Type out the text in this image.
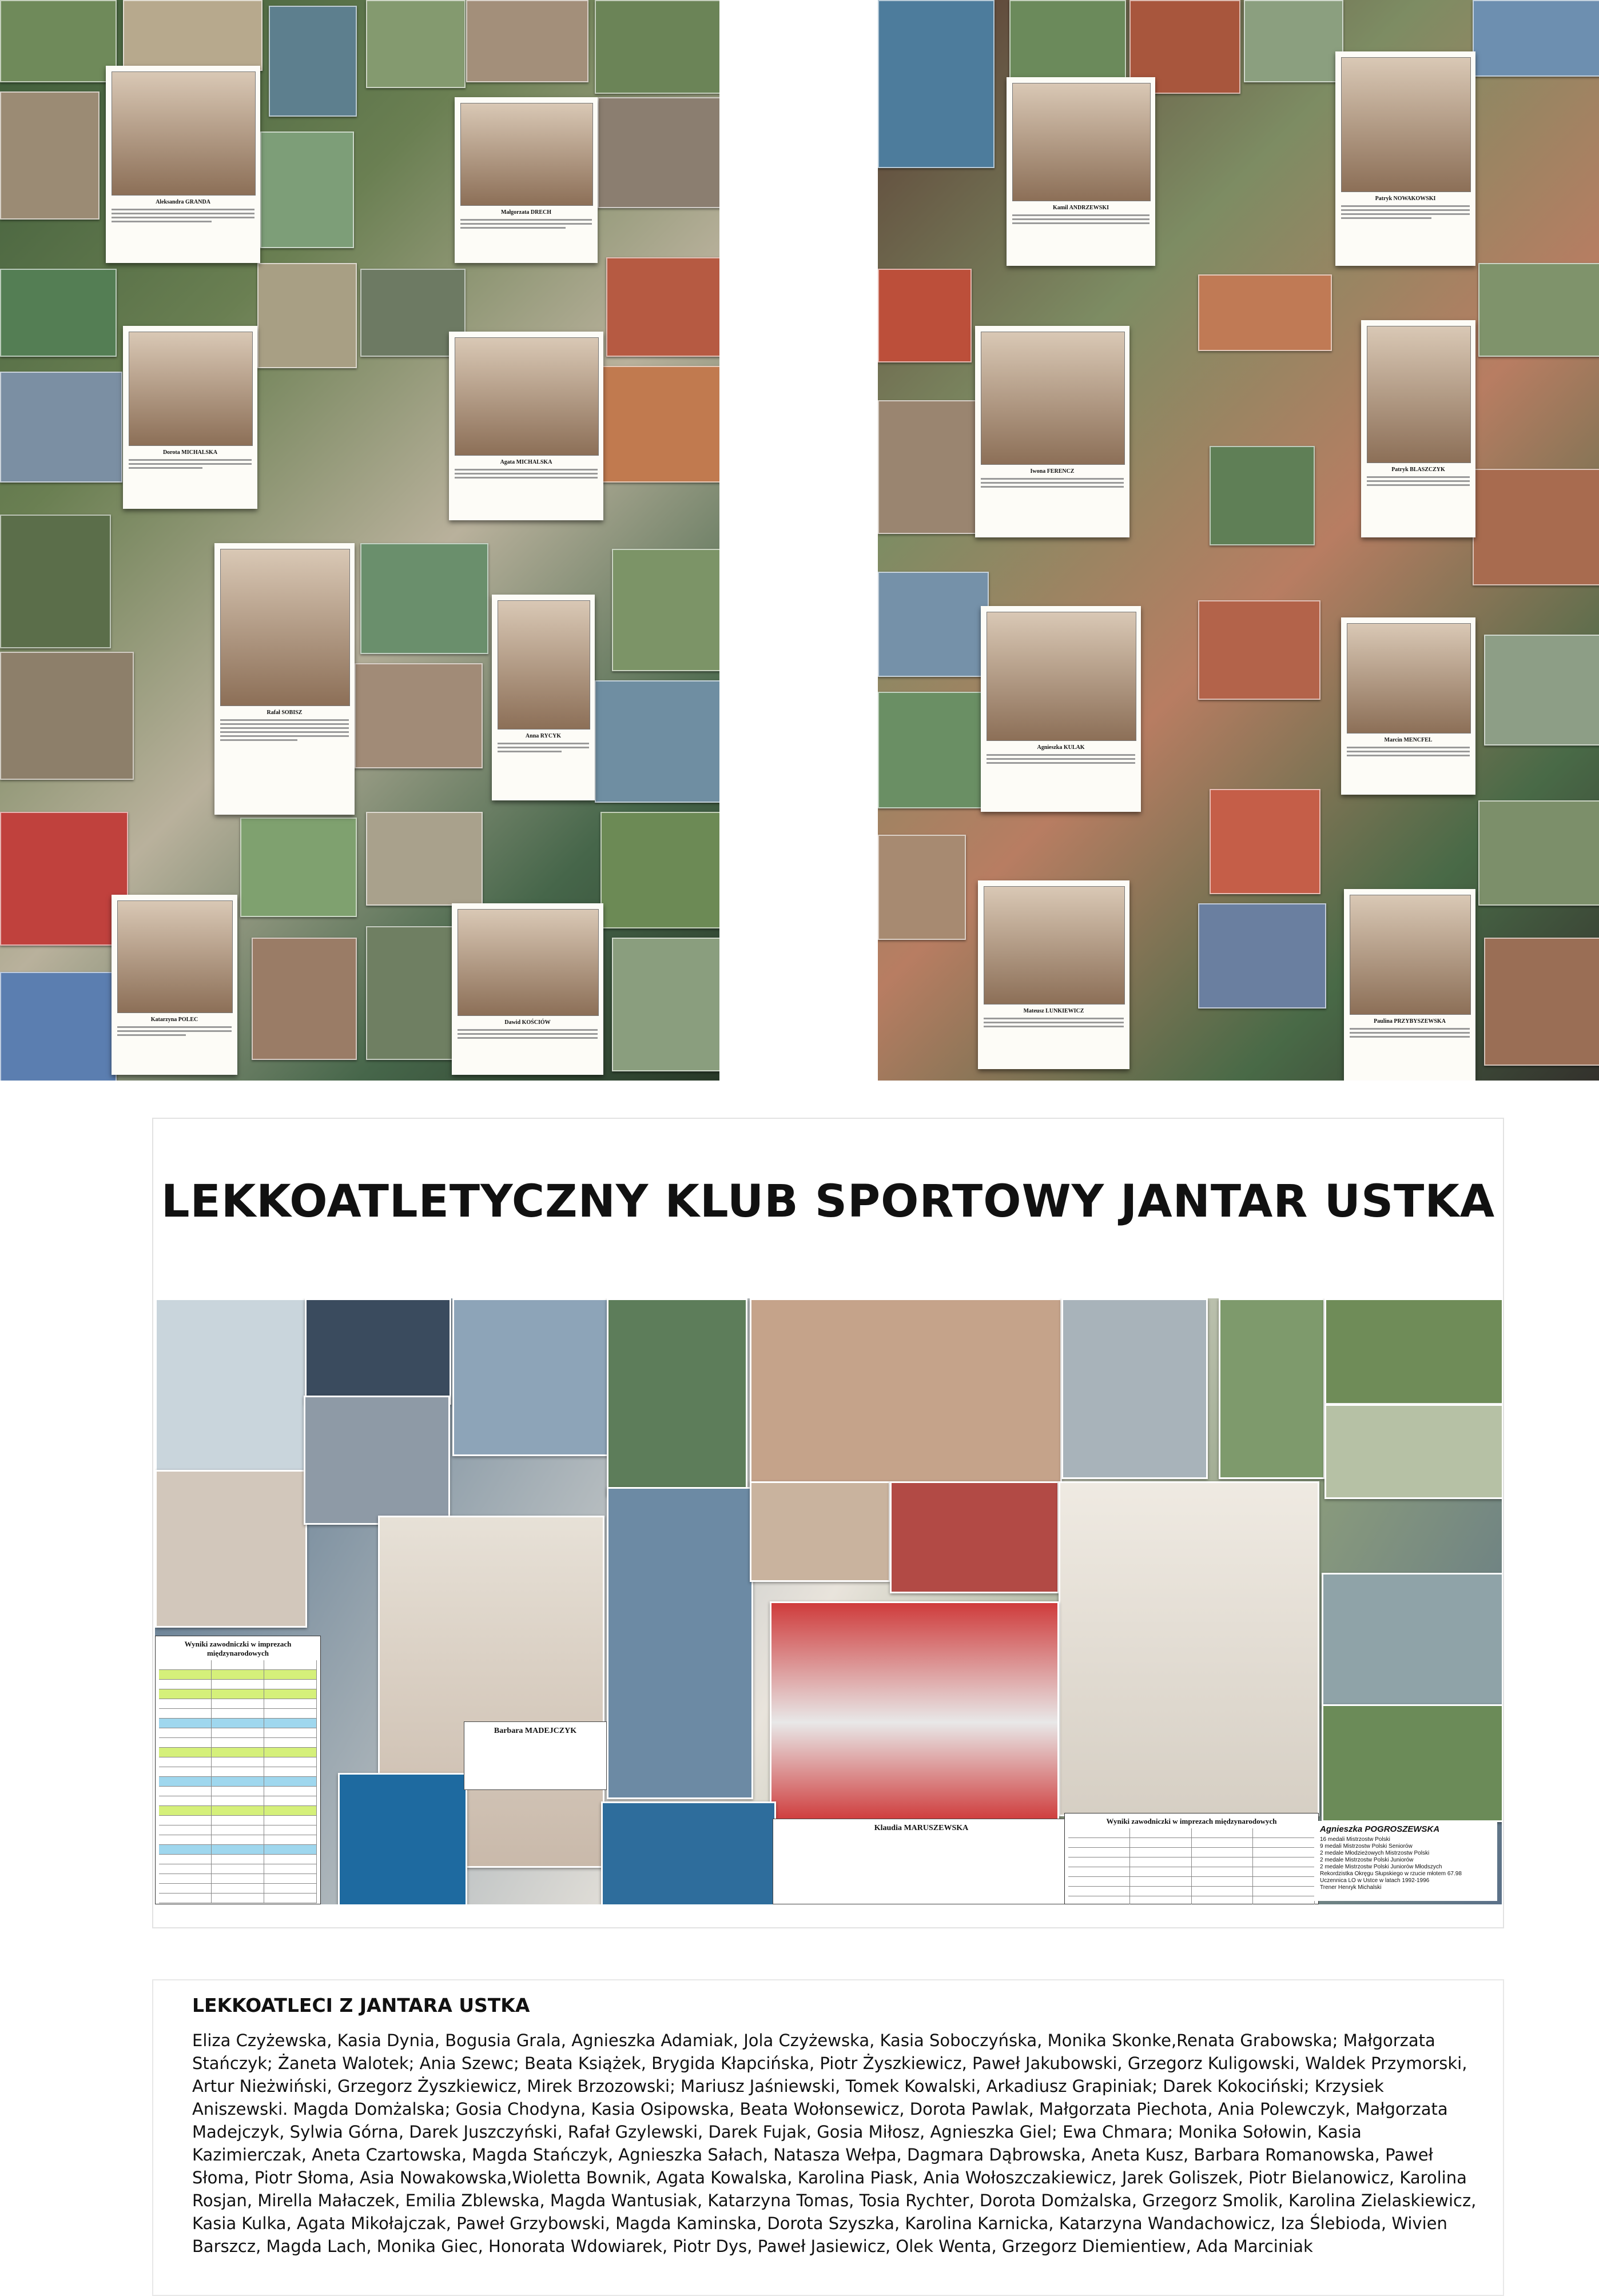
Aleksandra GRANDA
Małgorzata DRECH
Dorota MICHALSKA
Agata MICHALSKA
Rafał SOBISZ
Anna RYCYK
Katarzyna POLEC	Dawid KOŚCIÓW
Kamil ANDRZEWSKI
Patryk NOWAKOWSKI
Iwona FERENCZ	Patryk BLASZCZYK
Agnieszka KULAK
Marcin MENCFEL
Mateusz LUNKIEWICZ
Paulina PRZYBYSZEWSKA
LEKKOATLETYCZNY KLUB SPORTOWY JANTAR USTKA
Wyniki zawodniczki w imprezach międzynarodowych
Barbara MADEJCZYK
Klaudia MARUSZEWSKA
Wyniki zawodniczki w imprezach międzynarodowych
Agnieszka POGROSZEWSKA
16 medali Mistrzostw Polski
9 medali Mistrzostw Polski Seniorów
2 medale Młodzieżowych Mistrzostw Polski
2 medale Mistrzostw Polski Juniorów
2 medale Mistrzostw Polski Juniorów Młodszych
Rekordzistka Okręgu Słupskiego w rzucie młotem 67.98
Uczennica LO w Ustce w latach 1992-1996
Trener Henryk Michalski
LEKKOATLECI Z JANTARA USTKA

Eliza Czyżewska, Kasia Dynia, Bogusia Grala, Agnieszka Adamiak, Jola Czyżewska, Kasia Soboczyńska, Monika Skonke,Renata Grabowska; Małgorzata Stańczyk; Żaneta Walotek; Ania Szewc; Beata Książek, Brygida Kłapcińska, Piotr Żyszkiewicz, Paweł Jakubowski, Grzegorz Kuligowski, Waldek Przymorski, Artur Nieżwiński, Grzegorz Żyszkiewicz, Mirek Brzozowski; Mariusz Jaśniewski, Tomek Kowalski, Arkadiusz Grapiniak; Darek Kokociński; Krzysiek Aniszewski. Magda Domżalska; Gosia Chodyna, Kasia Osipowska, Beata Wołonsewicz, Dorota Pawlak, Małgorzata Piechota, Ania Polewczyk, Małgorzata Madejczyk, Sylwia Górna, Darek Juszczyński, Rafał Gzylewski, Darek Fujak, Gosia Miłosz, Agnieszka Giel; Ewa Chmara; Monika Sołowin, Kasia Kazimierczak, Aneta Czartowska, Magda Stańczyk, Agnieszka Sałach, Natasza Wełpa, Dagmara Dąbrowska, Aneta Kusz, Barbara Romanowska, Paweł Słoma, Piotr Słoma, Asia Nowakowska,Wioletta Bownik, Agata Kowalska, Karolina Piask, Ania Wołoszczakiewicz, Jarek Goliszek, Piotr Bielanowicz, Karolina Rosjan, Mirella Małaczek, Emilia Zblewska, Magda Wantusiak, Katarzyna Tomas, Tosia Rychter, Dorota Domżalska, Grzegorz Smolik, Karolina Zielaskiewicz, Kasia Kulka, Agata Mikołajczak, Paweł Grzybowski, Magda Kaminska, Dorota Szyszka, Karolina Karnicka, Katarzyna Wandachowicz, Iza Ślebioda, Wivien Barszcz, Magda Lach, Monika Giec, Honorata Wdowiarek, Piotr Dys, Paweł Jasiewicz, Olek Wenta, Grzegorz Diemientiew, Ada Marciniak
